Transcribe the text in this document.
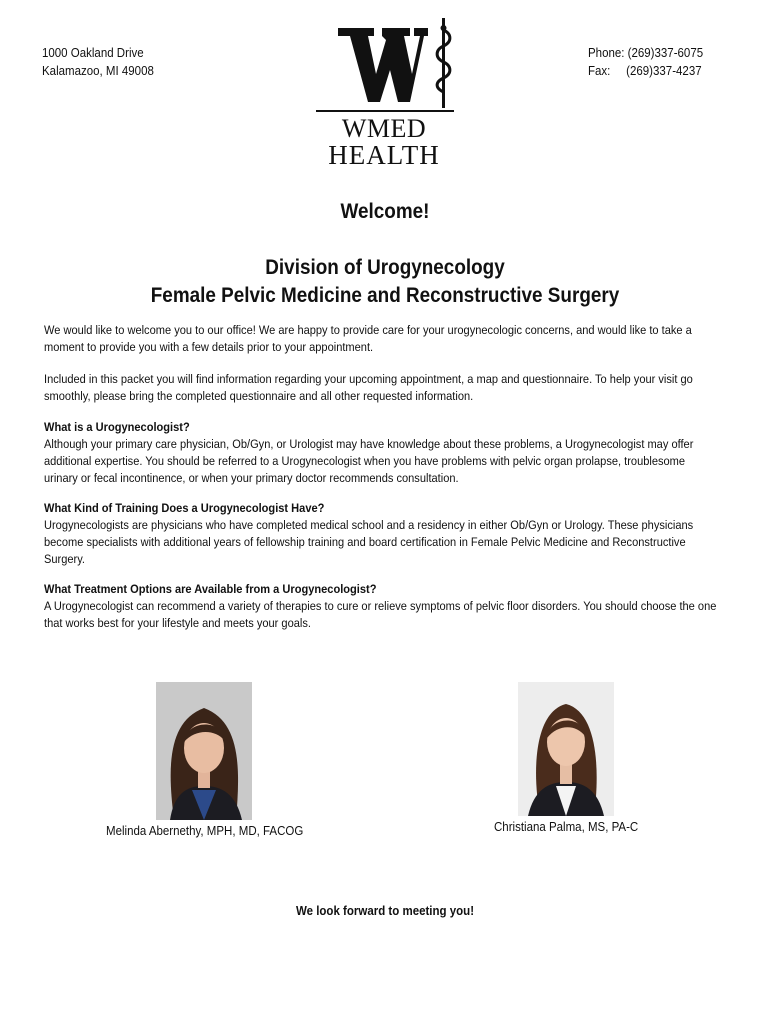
1000 Oakland Drive
Kalamazoo, MI 49008
WMED
HEALTH
Phone: (269)337-6075
Fax: (269)337-4237
Welcome!
Division of Urogynecology
Female Pelvic Medicine and Reconstructive Surgery

We would like to welcome you to our office! We are happy to provide care for your urogynecologic concerns, and would like to take a moment to provide you with a few details prior to your appointment.

Included in this packet you will find information regarding your upcoming appointment, a map and questionnaire. To help your visit go smoothly, please bring the completed questionnaire and all other requested information.

What is a Urogynecologist?

Although your primary care physician, Ob/Gyn, or Urologist may have knowledge about these problems, a Urogynecologist may offer additional expertise. You should be referred to a Urogynecologist when you have problems with pelvic organ prolapse, troublesome urinary or fecal incontinence, or when your primary doctor recommends consultation.

What Kind of Training Does a Urogynecologist Have?

Urogynecologists are physicians who have completed medical school and a residency in either Ob/Gyn or Urology. These physicians become specialists with additional years of fellowship training and board certification in Female Pelvic Medicine and Reconstructive Surgery.

What Treatment Options are Available from a Urogynecologist?

A Urogynecologist can recommend a variety of therapies to cure or relieve symptoms of pelvic floor disorders. You should choose the one that works best for your lifestyle and meets your goals.

Melinda Abernethy, MPH, MD, FACOG	Christiana Palma, MS, PA-C
We look forward to meeting you!
